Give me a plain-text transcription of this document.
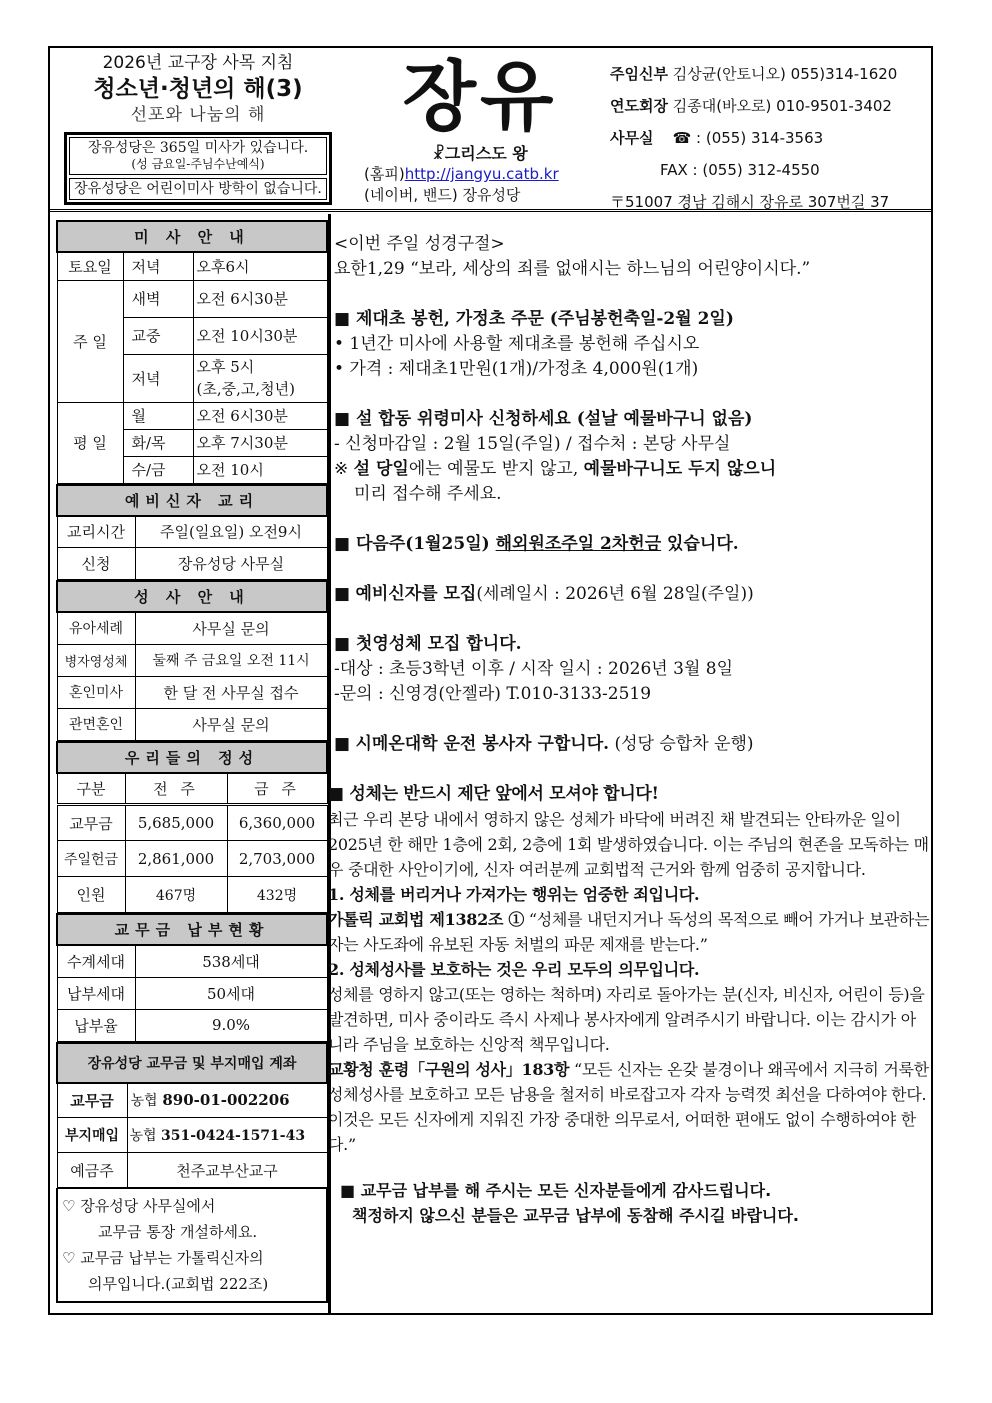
2026년 교구장 사목 지침
청소년·청년의 해(3)
선포와 나눔의 해
장유성당은 365일 미사가 있습니다.
(성 금요일-주님수난예식)
장유성당은 어린이미사 방학이 없습니다.
장유
☧그리스도 왕
(홈피)http://jangyu.catb.kr
(네이버, 밴드) 장유성당
주임신부 김상균(안토니오) 055)314-1620
연도회장 김종대(바오로) 010-9501-3402
사무실 ☎ : (055) 314-3563
FAX : (055) 312-4550
〒51007 경남 김해시 장유로 307번길 37
미 사 안 내		
토요일	저녁	오후6시
주 일	새벽	오전 6시30분
	교중	오전 10시30분
	저녁	오후 5시
(초,중,고,청년)

평 일	월	오전 6시30분
	화/목	오후 7시30분
	수/금	오전 10시
예비신자 교리	
교리시간	주일(일요일) 오전9시
신청	장유성당 사무실
성 사 안 내	
유아세례	사무실 문의
병자영성체	둘째 주 금요일 오전 11시
혼인미사	한 달 전 사무실 접수
관면혼인	사무실 문의
우리들의 정성		
구분	전 주	금 주
교무금	5,685,000	6,360,000
주일헌금	2,861,000	2,703,000
인원	467명	432명
교무금 납부현황	
수계세대	538세대
납부세대	50세대
납부율	9.0%
장유성당 교무금 및 부지매입 계좌	
교무금	농협 890-01-002206
부지매입	농협 351-0424-1571-43
예금주	천주교부산교구
♡ 장유성당 사무실에서
교무금 통장 개설하세요.
♡ 교무금 납부는 가톨릭신자의
의무입니다.(교회법 222조)
<이번 주일 성경구절>
요한1,29 “보라, 세상의 죄를 없애시는 하느님의 어린양이시다.”
■ 제대초 봉헌, 가정초 주문 (주님봉헌축일-2월 2일)
• 1년간 미사에 사용할 제대초를 봉헌해 주십시오
• 가격 : 제대초1만원(1개)/가정초 4,000원(1개)
■ 설 합동 위령미사 신청하세요 (설날 예물바구니 없음)
- 신청마감일 : 2월 15일(주일) / 접수처 : 본당 사무실
※ 설 당일에는 예물도 받지 않고, 예물바구니도 두지 않으니
미리 접수해 주세요.
■ 다음주(1월25일) 해외원조주일 2차헌금 있습니다.
■ 예비신자를 모집(세례일시 : 2026년 6월 28일(주일))
■ 첫영성체 모집 합니다.
-대상 : 초등3학년 이후 / 시작 일시 : 2026년 3월 8일
-문의 : 신영경(안젤라) T.010-3133-2519
■ 시메온대학 운전 봉사자 구합니다. (성당 승합차 운행)
■ 성체는 반드시 제단 앞에서 모셔야 합니다!
최근 우리 본당 내에서 영하지 않은 성체가 바닥에 버려진 채 발견되는 안타까운 일이 2025년 한 해만 1층에 2회, 2층에 1회 발생하였습니다. 이는 주님의 현존을 모독하는 매우 중대한 사안이기에, 신자 여러분께 교회법적 근거와 함께 엄중히 공지합니다.
1. 성체를 버리거나 가져가는 행위는 엄중한 죄입니다.
가톨릭 교회법 제1382조 ① “성체를 내던지거나 독성의 목적으로 빼어 가거나 보관하는 자는 사도좌에 유보된 자동 처벌의 파문 제재를 받는다.”
2. 성체성사를 보호하는 것은 우리 모두의 의무입니다.
성체를 영하지 않고(또는 영하는 척하며) 자리로 돌아가는 분(신자, 비신자, 어린이 등)을 발견하면, 미사 중이라도 즉시 사제나 봉사자에게 알려주시기 바랍니다. 이는 감시가 아니라 주님을 보호하는 신앙적 책무입니다.
교황청 훈령「구원의 성사」183항 “모든 신자는 온갖 불경이나 왜곡에서 지극히 거룩한 성체성사를 보호하고 모든 남용을 철저히 바로잡고자 각자 능력껏 최선을 다하여야 한다. 이것은 모든 신자에게 지워진 가장 중대한 의무로서, 어떠한 편애도 없이 수행하여야 한다.”
■ 교무금 납부를 해 주시는 모든 신자분들에게 감사드립니다.
책정하지 않으신 분들은 교무금 납부에 동참해 주시길 바랍니다.
